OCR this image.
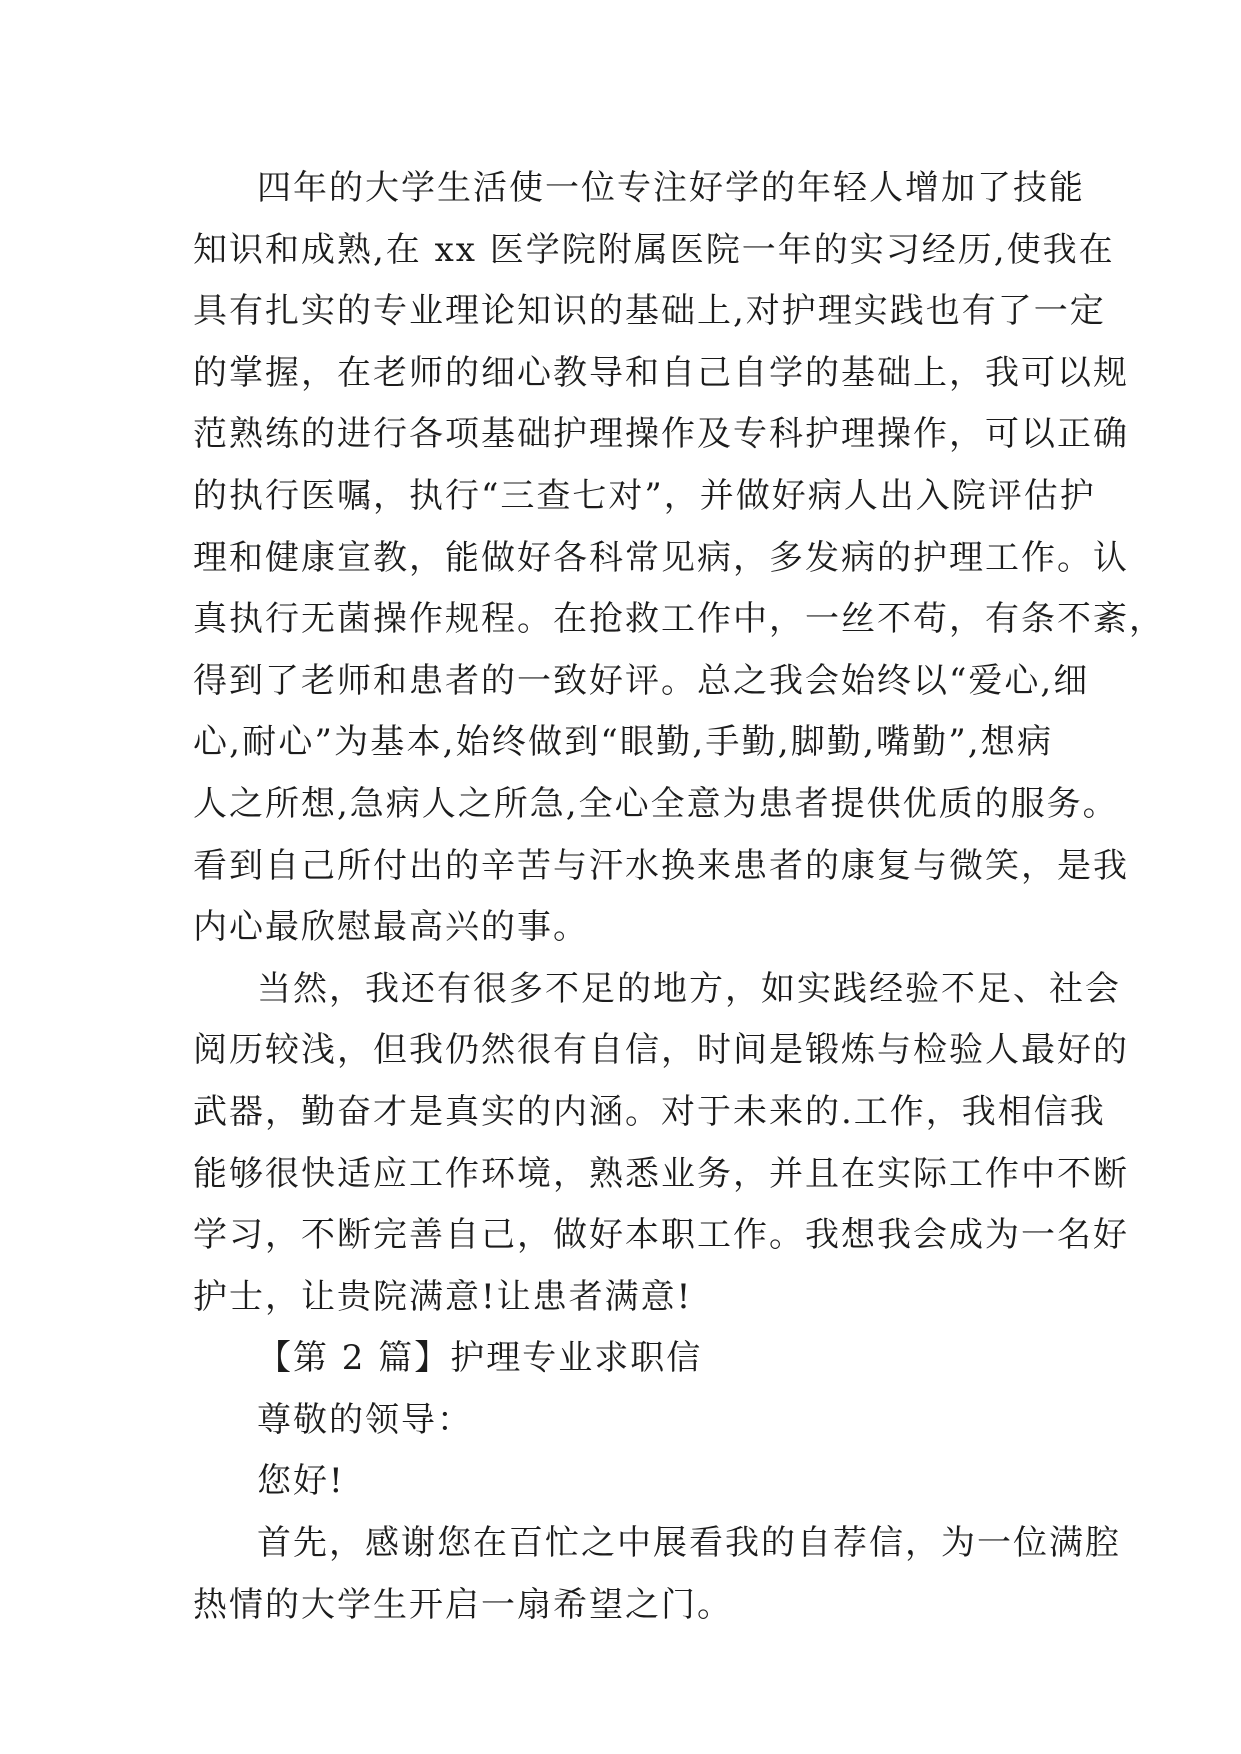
四年的大学生活使一位专注好学的年轻人增加了技能
知识和成熟,在 xx 医学院附属医院一年的实习经历,使我在
具有扎实的专业理论知识的基础上,对护理实践也有了一定
的掌握，在老师的细心教导和自己自学的基础上，我可以规
范熟练的进行各项基础护理操作及专科护理操作，可以正确
的执行医嘱，执行“三查七对”，并做好病人出入院评估护
理和健康宣教，能做好各科常见病，多发病的护理工作。认
真执行无菌操作规程。在抢救工作中，一丝不苟，有条不紊，
得到了老师和患者的一致好评。总之我会始终以“爱心,细
心,耐心”为基本,始终做到“眼勤,手勤,脚勤,嘴勤”,想病
人之所想,急病人之所急,全心全意为患者提供优质的服务。
看到自己所付出的辛苦与汗水换来患者的康复与微笑，是我
内心最欣慰最高兴的事。
当然，我还有很多不足的地方，如实践经验不足、社会
阅历较浅，但我仍然很有自信，时间是锻炼与检验人最好的
武器，勤奋才是真实的内涵。对于未来的.工作，我相信我
能够很快适应工作环境，熟悉业务，并且在实际工作中不断
学习，不断完善自己，做好本职工作。我想我会成为一名好
护士，让贵院满意!让患者满意!
【第 2 篇】护理专业求职信
尊敬的领导：
您好!
首先，感谢您在百忙之中展看我的自荐信，为一位满腔
热情的大学生开启一扇希望之门。
